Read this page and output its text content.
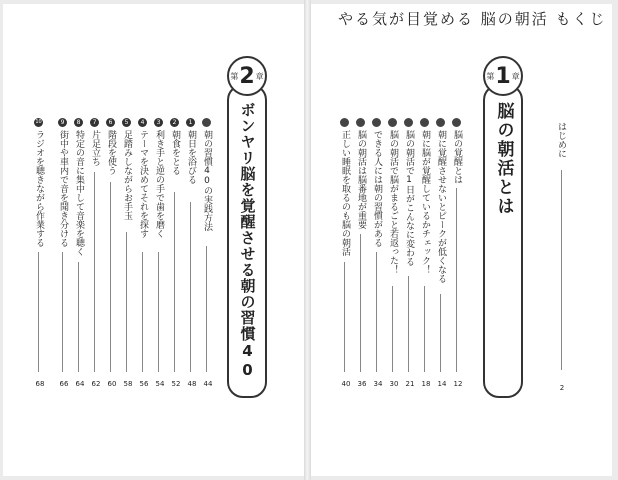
やる気が目覚める 脳の朝活 もくじ
はじめに
2
脳の朝活とは
第 1 章
脳の覚醒とは
12
朝に覚醒させないとピークが低くなる
14
朝に脳が覚醒しているかチェック！
18
脳の朝活で1日がこんなに変わる
21
脳の朝活で脳がまるごと若返った！
30
できる人には朝の習慣がある
34
脳の朝活は脳番地が重要
36
正しい睡眠を取るのも脳の朝活
40
ボンヤリ脳を覚醒させる朝の習慣40
第 2 章
朝の習慣40の実践方法
44
1
朝日を浴びる
48
2
朝食をとる
52
3
利き手と逆の手で歯を磨く
54
4
テーマを決めてそれを探す
56
5
足踏みしながらお手玉
58
6
階段を使う
60
7
片足立ち
62
8
特定の音に集中して音楽を聴く
64
9
街中や車内で音を聞き分ける
66
10
ラジオを聴きながら作業する
68
